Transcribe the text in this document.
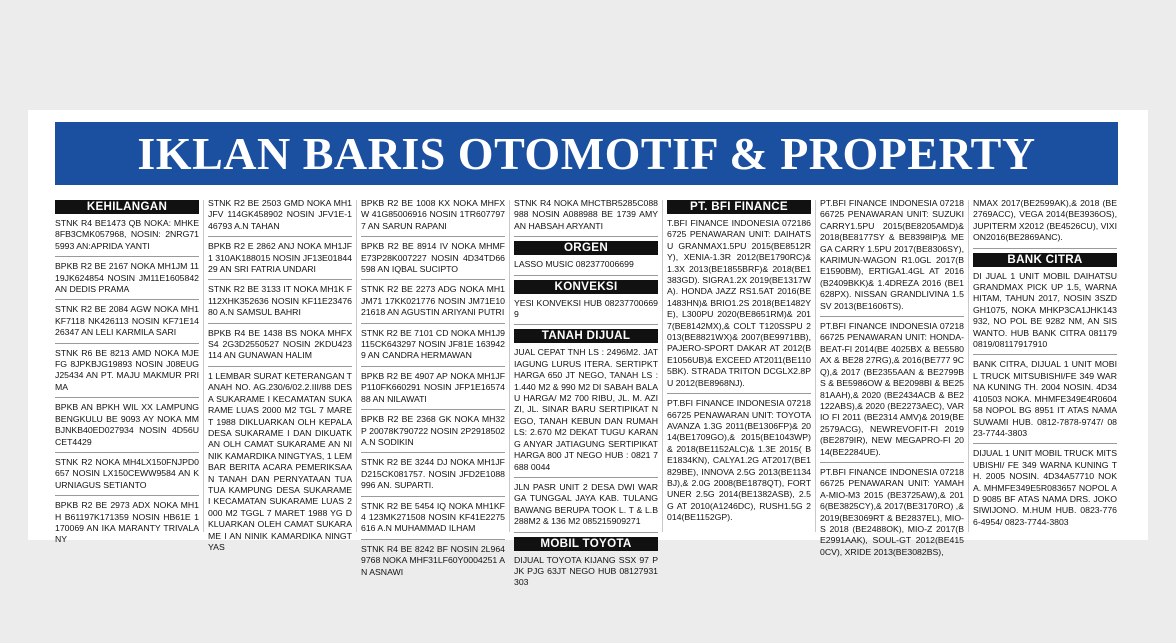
IKLAN BARIS OTOMOTIF & PROPERTY
KEHILANGAN
STNK R4 BE1473 QB NOKA: MHKE 8FB3CMK057968, NOSIN: 2NRG715993 AN:APRIDA YANTI
BPKB R2 BE 2167 NOKA MH1JM 1119JK624854 NOSIN JM11E1605842 AN DEDIS PRAMA
STNK R2 BE 2084 AGW NOKA MH1KF7118 NK426113 NOSIN KF71E1426347 AN LELI KARMILA SARI
STNK R6 BE 8213 AMD NOKA MJEFG 8JPKBJG19893 NOSIN J08EUGJ25434 AN PT. MAJU MAKMUR PRIMA
BPKB AN BPKH WIL XX LAMPUNG BENGKULU BE 9093 AY NOKA MMBJNKB40ED027934 NOSIN 4D56UCET4429
STNK R2 NOKA MH4LX150FNJPD0657 NOSIN LX150CEWW9584 AN KURNIAGUS SETIANTO
BPKB R2 BE 2973 ADX NOKA MH1H B61197K171359 NOSIN HB61E 1170069 AN IKA MARANTY TRIVALANY
STNK R2 BE 2503 GMD NOKA MH1JFV 114GK458902 NOSIN JFV1E-146793 A.N TAHAN
BPKB R2 E 2862 ANJ NOKA MH1JF1 310AK188015 NOSIN JF13E0184429 AN SRI FATRIA UNDARI
STNK R2 BE 3133 IT NOKA MH1K F112XHK352636 NOSIN KF11E2347680 A.N SAMSUL BAHRI
BPKB R4 BE 1438 BS NOKA MHFXS4 2G3D2550527 NOSIN 2KDU423114 AN GUNAWAN HALIM
1 LEMBAR SURAT KETERANGAN TANAH NO. AG.230/6/02.2.III/88 DESA SUKARAME I KECAMATAN SUKARAME LUAS 2000 M2 TGL 7 MARET 1988 DIKLUARKAN OLH KEPALA DESA SUKARAME I DAN DIKUATKAN OLH CAMAT SUKARAME AN NINIK KAMARDIKA NINGTYAS, 1 LEMBAR BERITA ACARA PEMERIKSAAN TANAH DAN PERNYATAAN TUA TUA KAMPUNG DESA SUKARAME I KECAMATAN SUKARAME LUAS 2000 M2 TGGL 7 MARET 1988 YG DKLUARKAN OLEH CAMAT SUKARAME I AN NINIK KAMARDIKA NINGTYAS
BPKB R2 BE 1008 KX NOKA MHFXW 41G85006916 NOSIN 1TR6077977 AN SARUN RAPANI
BPKB R2 BE 8914 IV NOKA MHMF E73P28K007227 NOSIN 4D34TD66598 AN IQBAL SUCIPTO
STNK R2 BE 2273 ADG NOKA MH1JM71 17KK021776 NOSIN JM71E1021618 AN AGUSTIN ARIYANI PUTRI
STNK R2 BE 7101 CD NOKA MH1J9115CK643297 NOSIN JF81E 1639429 AN CANDRA HERMAWAN
BPKB R2 BE 4907 AP NOKA MH1JFP110FK660291 NOSIN JFP1E1657488 AN NILAWATI
BPKB R2 BE 2368 GK NOKA MH32P 20078K790722 NOSIN 2P2918502 A.N SODIKIN
STNK R2 BE 3244 DJ NOKA MH1JF D215CK081757. NOSIN JFD2E1088996 AN. SUPARTI.
STNK R2 BE 5454 IQ NOKA MH1KF4 123MK271508 NOSIN KF41E2275616 A.N MUHAMMAD ILHAM
STNK R4 BE 8242 BF NOSIN 2L9649768 NOKA MHF31LF60Y0004251 AN ASNAWI
STNK R4 NOKA MHCTBR5285C088988 NOSIN A088988 BE 1739 AMY AN HABSAH ARYANTI
ORGEN
LASSO MUSIC 082377006699
KONVEKSI
YESI KONVEKSI HUB 082377006699
TANAH DIJUAL
JUAL CEPAT TNH LS : 2496M2. JATIAGUNG LURUS ITERA. SERTIPKT HARGA 650 JT NEGO, TANAH LS : 1.440 M2 & 990 M2 DI SABAH BALAU HARGA/ M2 700 RIBU, JL. M. AZIZI, JL. SINAR BARU SERTIPIKAT NEGO, TANAH KEBUN DAN RUMAH LS: 2.670 M2 DEKAT TUGU KARANG ANYAR JATIAGUNG SERTIPIKAT HARGA 800 JT NEGO HUB : 0821 7688 0044
JLN PASR UNIT 2 DESA DWI WARGA TUNGGAL JAYA KAB. TULANG BAWANG BERUPA TOOK L. T & L.B 288M2 & 136 M2 085215909271
MOBIL TOYOTA
DIJUAL TOYOTA KIJANG SSX 97 PJK PJG 63JT NEGO HUB 08127931303
PT. BFI FINANCE
T.BFI FINANCE INDONESIA 0721866725 PENAWARAN UNIT: DAIHATSU GRANMAX1.5PU 2015(BE8512RY), XENIA-1.3R 2012(BE1790RC)& 1.3X 2013(BE1855BRF)& 2018(BE1383GD). SIGRA1.2X 2019(BE1317WA). HONDA JAZZ RS1.5AT 2016(BE1483HN)& BRIO1.2S 2018(BE1482YE), L300PU 2020(BE8651RM)& 2017(BE8142MX),& COLT T120SSPU 2013(BE8821WX)& 2007(BE9971BB), PAJERO-SPORT DAKAR AT 2012(BE1056UB)& EXCEED AT2011(BE1105BK). STRADA TRITON DCGLX2.8PU 2012(BE8968NJ).
PT.BFI FINANCE INDONESIA 0721866725 PENAWARAN UNIT: TOYOTA AVANZA 1.3G 2011(BE1306FP)& 2014(BE1709GO),& 2015(BE1043WP)& 2018(BE1152ALC)& 1.3E 2015( BE1834KN), CALYA1.2G AT2017(BE1829BE), INNOVA 2.5G 2013(BE1134BJ),& 2.0G 2008(BE1878QT), FORTUNER 2.5G 2014(BE1382ASB), 2.5G AT 2010(A1246DC), RUSH1.5G 2014(BE1152GP).
PT.BFI FINANCE INDONESIA 0721866725 PENAWARAN UNIT: SUZUKI CARRY1.5PU 2015(BE8205AMD)& 2018(BE8177SY & BE8398IP)& MEGA CARRY 1.5PU 2017(BE8306SY), KARIMUN-WAGON R1.0GL 2017(BE1590BM), ERTIGA1.4GL AT 2016(B2409BKK)& 1.4DREZA 2016 (BE1628PX). NISSAN GRANDLIVINA 1.5SV 2013(BE1606TS).
PT.BFI FINANCE INDONESIA 0721866725 PENAWARAN UNIT: HONDA-BEAT-FI 2014(BE 4025BX & BE5580AX & BE28 27RG),& 2016(BE777 9CQ),& 2017 (BE2355AAN & BE2799BS & BE5986OW & BE2098BI & BE2581AAH),& 2020 (BE2434ACB & BE2122ABS),& 2020 (BE2273AEC), VARIO FI 2011 (BE2314 AMV)& 2019(BE2579ACG), NEWREVOFIT-FI 2019(BE2879IR), NEW MEGAPRO-FI 2014(BE2284UE).
PT.BFI FINANCE INDONESIA 0721866725 PENAWARAN UNIT: YAMAHA-MIO-M3 2015 (BE3725AW),& 2016(BE3825CY),& 2017(BE3170RO) ,& 2019(BE3069RT & BE2837EL), MIO-S 2018 (BE2488OK), MIO-Z 2017(BE2991AAK), SOUL-GT 2012(BE4150CV), XRIDE 2013(BE3082BS),
NMAX 2017(BE2599AK),& 2018 (BE2769ACC), VEGA 2014(BE3936OS), JUPITERM X2012 (BE4526CU), VIXION2016(BE2869ANC).
BANK CITRA
DI JUAL 1 UNIT MOBIL DAIHATSU GRANDMAX PICK UP 1.5, WARNA HITAM, TAHUN 2017, NOSIN 3SZDGH1075, NOKA MHKP3CA1JHK143932, NO POL BE 9282 NM, AN SISWANTO. HUB BANK CITRA 0811790819/08117917910
BANK CITRA, DIJUAL 1 UNIT MOBIL TRUCK MITSUBISHI/FE 349 WARNA KUNING TH. 2004 NOSIN. 4D34410503 NOKA. MHMFE349E4R060458 NOPOL BG 8951 IT ATAS NAMA SUWAMI HUB. 0812-7878-9747/ 0823-7744-3803
DIJUAL 1 UNIT MOBIL TRUCK MITSUBISHI/ FE 349 WARNA KUNING TH. 2005 NOSIN. 4D34A57710 NOKA. MHMFE349E5R083657 NOPOL AD 9085 BF ATAS NAMA DRS. JOKO SIWIJONO. M.HUM HUB. 0823-7766-4954/ 0823-7744-3803
